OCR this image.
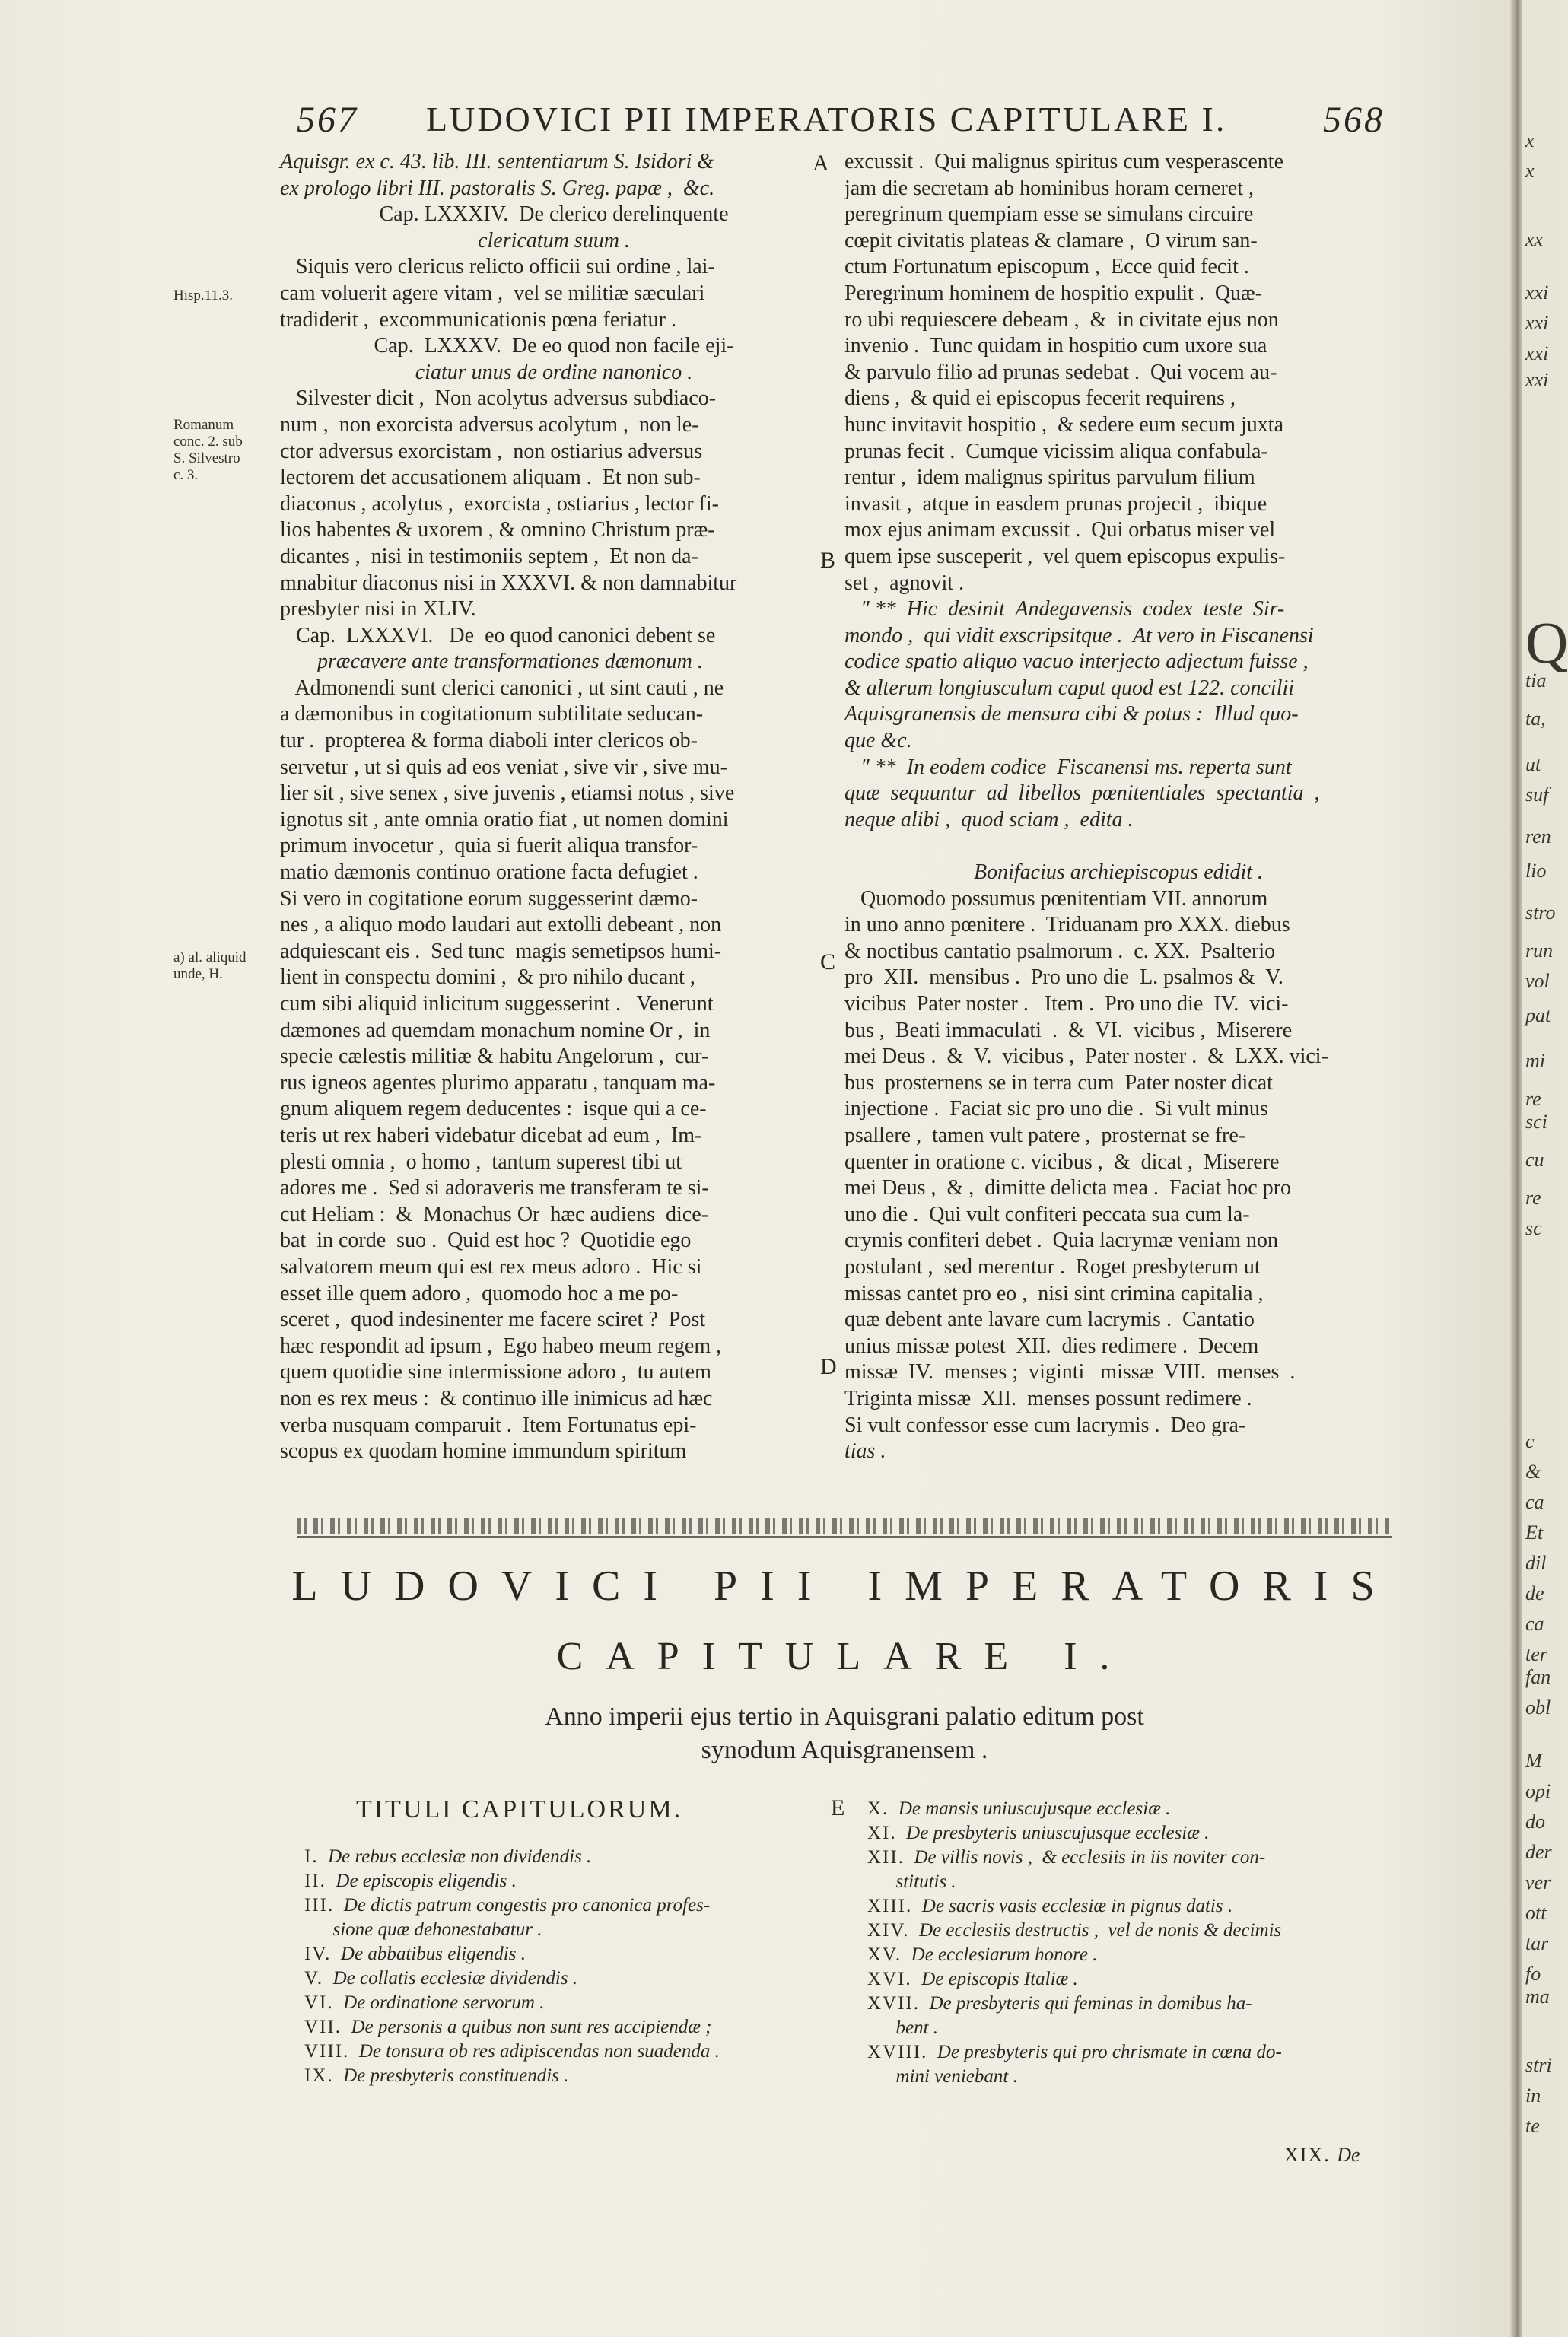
567 LUDOVICI PII IMPERATORIS CAPITULARE I.	568

Aquisgr. ex c. 43. lib. III. sententiarum S. Isidori &

ex prologo libri III. pastoralis S. Greg. papæ ,  &c.

Cap. LXXXIV.  De clerico derelinquente

clericatum suum .

Siquis vero clericus relicto officii sui ordine , lai-

cam voluerit agere vitam ,  vel se militiæ sæculari

tradiderit ,  excommunicationis pœna feriatur .

Cap.  LXXXV.  De eo quod non facile eji-

ciatur unus de ordine nanonico .

Silvester dicit ,  Non acolytus adversus subdiaco-

num ,  non exorcista adversus acolytum ,  non le-

ctor adversus exorcistam ,  non ostiarius adversus

lectorem det accusationem aliquam .  Et non sub-

diaconus , acolytus ,  exorcista , ostiarius , lector fi-

lios habentes & uxorem , & omnino Christum præ-

dicantes ,  nisi in testimoniis septem ,  Et non da-

mnabitur diaconus nisi in XXXVI. & non damnabitur

presbyter nisi in XLIV.

Cap.  LXXXVI.   De  eo quod canonici debent se

præcavere ante transformationes dæmonum .

Admonendi sunt clerici canonici , ut sint cauti , ne

a dæmonibus in cogitationum subtilitate seducan-

tur .  propterea & forma diaboli inter clericos ob-

servetur , ut si quis ad eos veniat , sive vir , sive mu-

lier sit , sive senex , sive juvenis , etiamsi notus , sive

ignotus sit , ante omnia oratio fiat , ut nomen domini

primum invocetur ,  quia si fuerit aliqua transfor-

matio dæmonis continuo oratione facta defugiet .

Si vero in cogitatione eorum suggesserint dæmo-

nes , a aliquo modo laudari aut extolli debeant , non

adquiescant eis .  Sed tunc  magis semetipsos humi-

lient in conspectu domini ,  & pro nihilo ducant ,

cum sibi aliquid inlicitum suggesserint .   Venerunt

dæmones ad quemdam monachum nomine Or ,  in

specie cælestis militiæ & habitu Angelorum ,  cur-

rus igneos agentes plurimo apparatu , tanquam ma-

gnum aliquem regem deducentes :  isque qui a ce-

teris ut rex haberi videbatur dicebat ad eum ,  Im-

plesti omnia ,  o homo ,  tantum superest tibi ut

adores me .  Sed si adoraveris me transferam te si-

cut Heliam :  &  Monachus Or  hæc audiens  dice-

bat  in corde  suo .  Quid est hoc ?  Quotidie ego

salvatorem meum qui est rex meus adoro .  Hic si

esset ille quem adoro ,  quomodo hoc a me po-

sceret ,  quod indesinenter me facere sciret ?  Post

hæc respondit ad ipsum ,  Ego habeo meum regem ,

quem quotidie sine intermissione adoro ,  tu autem

non es rex meus :  & continuo ille inimicus ad hæc

verba nusquam comparuit .  Item Fortunatus epi-

scopus ex quodam homine immundum spiritum

excussit .  Qui malignus spiritus cum vesperascente

jam die secretam ab hominibus horam cerneret ,

peregrinum quempiam esse se simulans circuire

cœpit civitatis plateas & clamare ,  O virum san-

ctum Fortunatum episcopum ,  Ecce quid fecit .

Peregrinum hominem de hospitio expulit .  Quæ-

ro ubi requiescere debeam ,  &  in civitate ejus non

invenio .  Tunc quidam in hospitio cum uxore sua

& parvulo filio ad prunas sedebat .  Qui vocem au-

diens ,  & quid ei episcopus fecerit requirens ,

hunc invitavit hospitio ,  & sedere eum secum juxta

prunas fecit .  Cumque vicissim aliqua confabula-

rentur ,  idem malignus spiritus parvulum filium

invasit ,  atque in easdem prunas projecit ,  ibique

mox ejus animam excussit .  Qui orbatus miser vel

quem ipse susceperit ,  vel quem episcopus expulis-

set ,  agnovit .

" **  Hic  desinit  Andegavensis  codex  teste  Sir-

mondo ,  qui vidit exscripsitque .  At vero in Fiscanensi

codice spatio aliquo vacuo interjecto adjectum fuisse ,

& alterum longiusculum caput quod est 122. concilii

Aquisgranensis de mensura cibi & potus :  Illud quo-

que &c.

" **  In eodem codice  Fiscanensi ms. reperta sunt

quæ  sequuntur  ad  libellos  pœnitentiales  spectantia  ,

neque alibi ,  quod sciam ,  edita .

Bonifacius archiepiscopus edidit .

Quomodo possumus pœnitentiam VII. annorum

in uno anno pœnitere .  Triduanam pro XXX. diebus

& noctibus cantatio psalmorum .  c. XX.  Psalterio

pro  XII.  mensibus .  Pro uno die  L. psalmos &  V.

vicibus  Pater noster .   Item .  Pro uno die  IV.  vici-

bus ,  Beati immaculati  .  &  VI.  vicibus ,  Miserere

mei Deus .  &  V.  vicibus ,  Pater noster .  &  LXX. vici-

bus  prosternens se in terra cum  Pater noster dicat

injectione .  Faciat sic pro uno die .  Si vult minus

psallere ,  tamen vult patere ,  prosternat se fre-

quenter in oratione c. vicibus ,  &  dicat ,  Miserere

mei Deus ,  & ,  dimitte delicta mea .  Faciat hoc pro

uno die .  Qui vult confiteri peccata sua cum la-

crymis confiteri debet .  Quia lacrymæ veniam non

postulant ,  sed merentur .  Roget presbyterum ut

missas cantet pro eo ,  nisi sint crimina capitalia ,

quæ debent ante lavare cum lacrymis .  Cantatio

unius missæ potest  XII.  dies redimere .  Decem

missæ  IV.  menses ;  viginti   missæ  VIII.  menses  .

Triginta missæ  XII.  menses possunt redimere .

Si vult confessor esse cum lacrymis .  Deo gra-

tias .

Hisp.11.3.
Romanum
conc. 2. sub
S. Silvestro
c. 3.
a) al. aliquid
unde, H.
A
B
C
D
E
LUDOVICI PII IMPERATORIS
CAPITULARE I.
Anno imperii ejus tertio in Aquisgrani palatio editum post
synodum Aquisgranensem .
TITULI CAPITULORUM.

I. De rebus ecclesiæ non dividendis .

II. De episcopis eligendis .

III. De dictis patrum congestis pro canonica profes-

sione quæ dehonestabatur .

IV. De abbatibus eligendis .

V. De collatis ecclesiæ dividendis .

VI. De ordinatione servorum .

VII. De personis a quibus non sunt res accipiendæ ;

VIII. De tonsura ob res adipiscendas non suadenda .

IX. De presbyteris constituendis .

X. De mansis uniuscujusque ecclesiæ .

XI. De presbyteris uniuscujusque ecclesiæ .

XII. De villis novis ,  & ecclesiis in iis noviter con-

stitutis .

XIII. De sacris vasis ecclesiæ in pignus datis .

XIV. De ecclesiis destructis ,  vel de nonis & decimis

XV. De ecclesiarum honore .

XVI. De episcopis Italiæ .

XVII. De presbyteris qui feminas in domibus ha-

bent .

XVIII. De presbyteris qui pro chrismate in cœna do-

mini veniebant .

XIX. De
x
x
xx
xxi
xxi
xxi
xxi
Q
tia
ta,
ut
suf
ren
lio
stro
run
vol
pat
mi
re
sci
cu
re
sc
c
&
ca
Et
dil
de
ca
ter
fan
obl
M
opi
do
der
ver
ott
tar
fo
ma
stri
in
te
